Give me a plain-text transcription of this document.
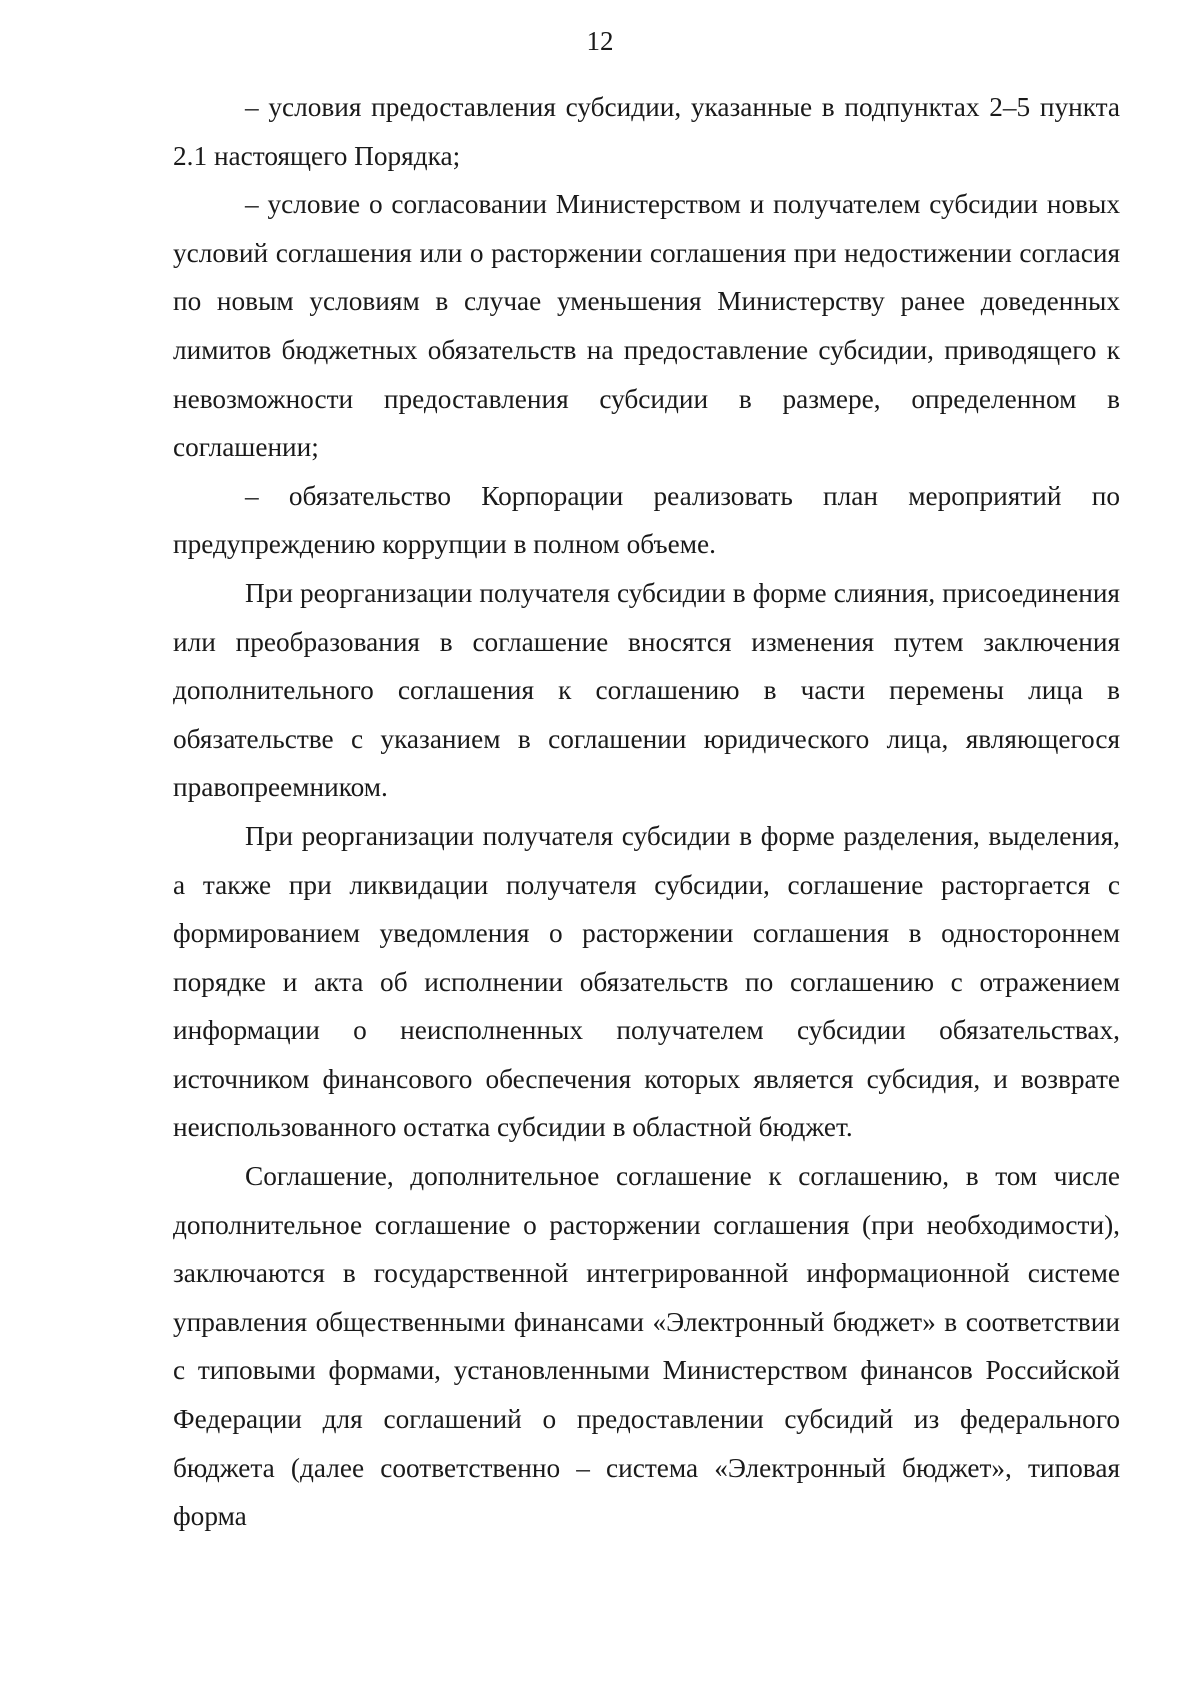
12

– условия предоставления субсидии, указанные в подпунктах 2–5 пункта 2.1 настоящего Порядка;

– условие о согласовании Министерством и получателем субсидии новых условий соглашения или о расторжении соглашения при недостижении согласия по новым условиям в случае уменьшения Министерству ранее доведенных лимитов бюджетных обязательств на предоставление субсидии, приводящего к невозможности предоставления субсидии в размере, определенном в соглашении;

– обязательство Корпорации реализовать план мероприятий по предупреждению коррупции в полном объеме.

При реорганизации получателя субсидии в форме слияния, присоединения или преобразования в соглашение вносятся изменения путем заключения дополнительного соглашения к соглашению в части перемены лица в обязательстве с указанием в соглашении юридического лица, являющегося правопреемником.

При реорганизации получателя субсидии в форме разделения, выделения, а также при ликвидации получателя субсидии, соглашение расторгается с формированием уведомления о расторжении соглашения в одностороннем порядке и акта об исполнении обязательств по соглашению с отражением информации о неисполненных получателем субсидии обязательствах, источником финансового обеспечения которых является субсидия, и возврате неиспользованного остатка субсидии в областной бюджет.

Соглашение, дополнительное соглашение к соглашению, в том числе дополнительное соглашение о расторжении соглашения (при необходимости), заключаются в государственной интегрированной информационной системе управления общественными финансами «Электронный бюджет» в соответствии с типовыми формами, установленными Министерством финансов Российской Федерации для соглашений о предоставлении субсидий из федерального бюджета (далее соответственно – система «Электронный бюджет», типовая форма
